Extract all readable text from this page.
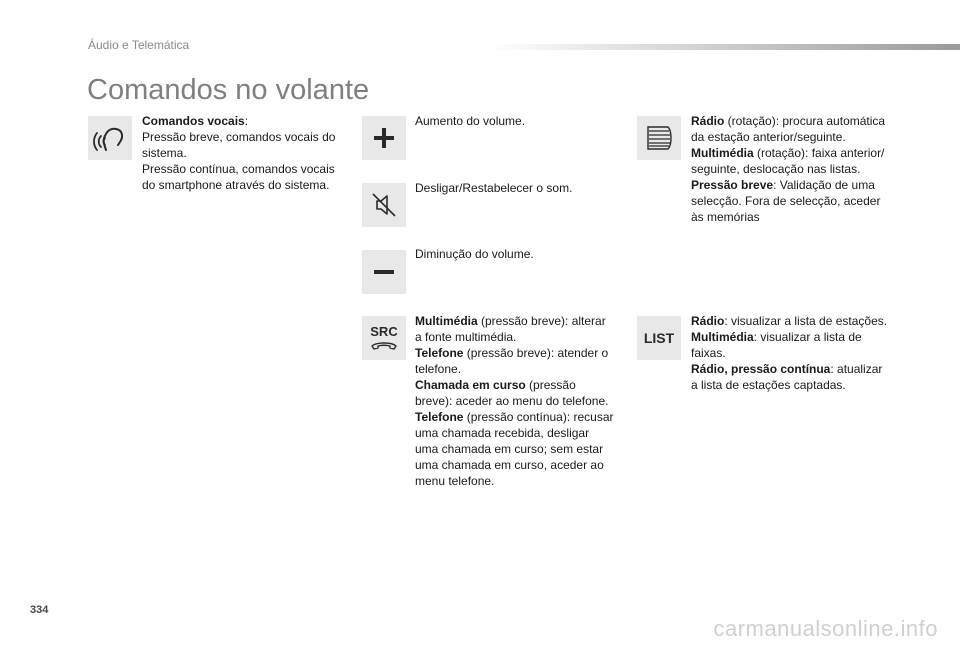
Áudio e Telemática
Comandos no volante

Comandos vocais:

Pressão breve, comandos vocais do

sistema.

Pressão contínua, comandos vocais

do smartphone através do sistema.

Aumento do volume.

Desligar/Restabelecer o som.

Diminução do volume.

SRC

Multimédia (pressão breve): alterar

a fonte multimédia.

Telefone (pressão breve): atender o

telefone.

Chamada em curso (pressão

breve): aceder ao menu do telefone.

Telefone (pressão contínua): recusar

uma chamada recebida, desligar

uma chamada em curso; sem estar

uma chamada em curso, aceder ao

menu telefone.

Rádio (rotação): procura automática

da estação anterior/seguinte.

Multimédia (rotação): faixa anterior/

seguinte, deslocação nas listas.

Pressão breve: Validação de uma

selecção. Fora de selecção, aceder

às memórias

LIST

Rádio: visualizar a lista de estações.

Multimédia: visualizar a lista de

faixas.

Rádio, pressão contínua: atualizar

a lista de estações captadas.

334
carmanualsonline.info
